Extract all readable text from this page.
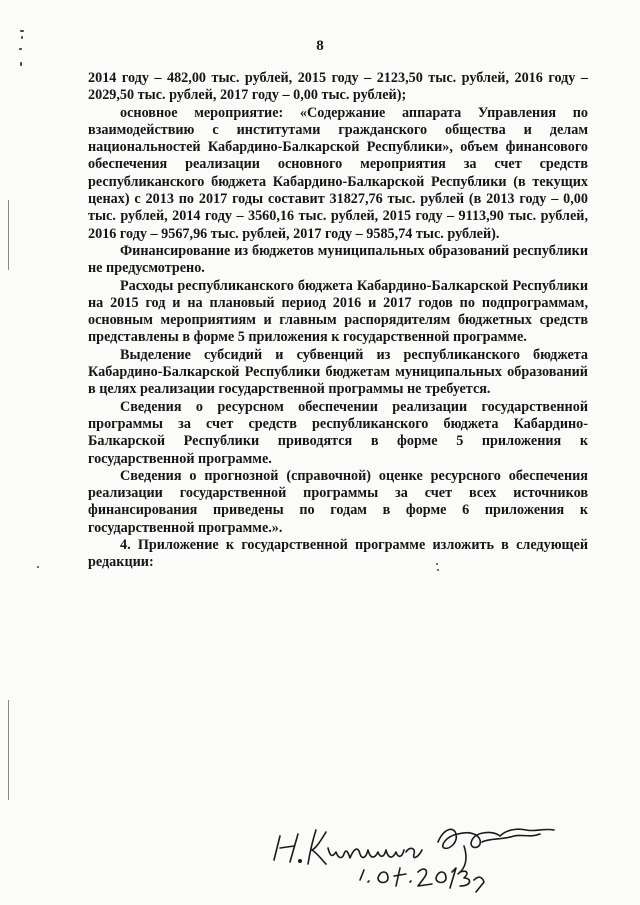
8

2014 году – 482,00 тыс. рублей, 2015 году – 2123,50 тыс. рублей, 2016 году – 2029,50 тыс. рублей, 2017 году – 0,00 тыс. рублей);

основное мероприятие: «Содержание аппарата Управления по взаимодействию с институтами гражданского общества и делам национальностей Кабардино-Балкарской Республики», объем финансового обеспечения реализации основного мероприятия за счет средств республиканского бюджета Кабардино-Балкарской Республики (в текущих ценах) с 2013 по 2017 годы составит 31827,76 тыс. рублей (в 2013 году – 0,00 тыс. рублей, 2014 году – 3560,16 тыс. рублей, 2015 году – 9113,90 тыс. рублей, 2016 году – 9567,96 тыс. рублей, 2017 году – 9585,74 тыс. рублей).

Финансирование из бюджетов муниципальных образований республики не предусмотрено.

Расходы республиканского бюджета Кабардино-Балкарской Республики на 2015 год и на плановый период 2016 и 2017 годов по подпрограммам, основным мероприятиям и главным распорядителям бюджетных средств представлены в форме 5 приложения к государственной программе.

Выделение субсидий и субвенций из республиканского бюджета Кабардино-Балкарской Республики бюджетам муниципальных образований в целях реализации государственной программы не требуется.

Сведения о ресурсном обеспечении реализации государственной программы за счет средств республиканского бюджета Кабардино-Балкарской Республики приводятся в форме 5 приложения к государственной программе.

Сведения о прогнозной (справочной) оценке ресурсного обеспечения реализации государственной программы за счет всех источников финансирования приведены по годам в форме 6 приложения к государственной программе.».

4. Приложение к государственной программе изложить в следующей редакции:
